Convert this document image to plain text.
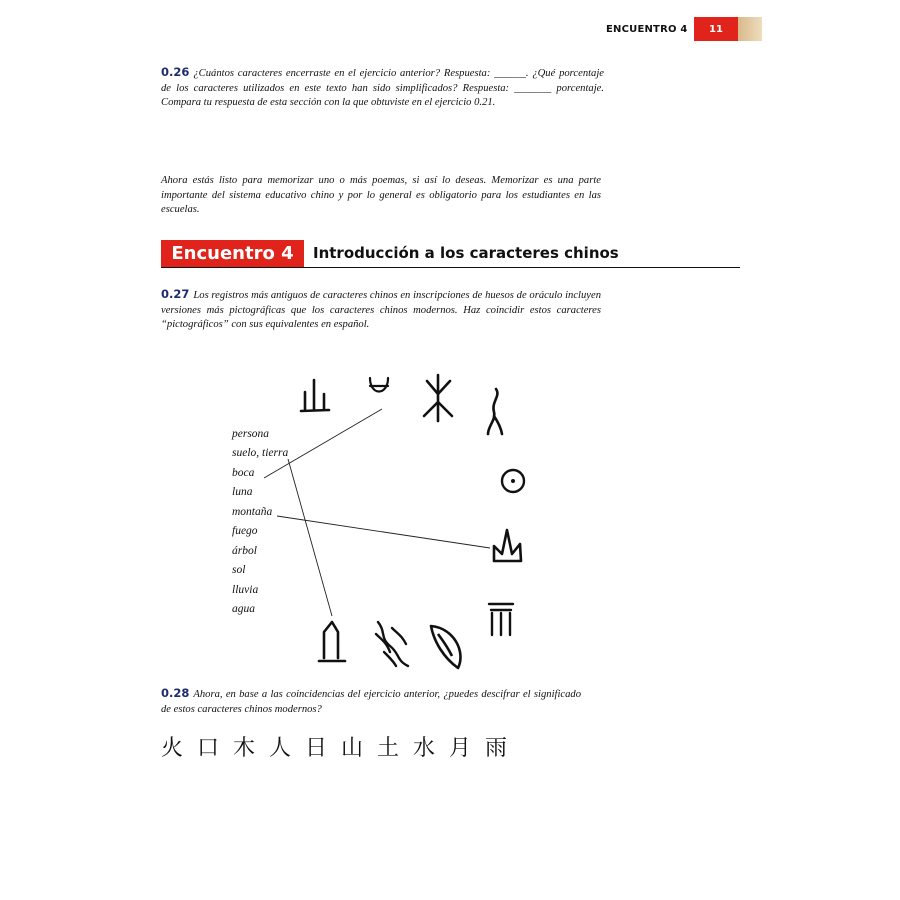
ENCUENTRO 4	11
0.26 ¿Cuántos caracteres encerraste en el ejercicio anterior? Respuesta: ______. ¿Qué porcentaje de los caracteres utilizados en este texto han sido simplificados? Respuesta: _______ porcentaje. Compara tu respuesta de esta sección con la que obtuviste en el ejercicio 0.21.
Ahora estás listo para memorizar uno o más poemas, si así lo deseas. Memorizar es una parte importante del sistema educativo chino y por lo general es obligatorio para los estudiantes en las escuelas.
Encuentro 4	Introducción a los caracteres chinos
0.27 Los registros más antiguos de caracteres chinos en inscripciones de huesos de oráculo incluyen versiones más pictográficas que los caracteres chinos modernos. Haz coincidir estos caracteres “pictográficos” con sus equivalentes en español.
persona
suelo, tierra
boca
luna
montaña
fuego
árbol
sol
lluvia
agua
0.28 Ahora, en base a las coincidencias del ejercicio anterior, ¿puedes descifrar el significado de estos caracteres chinos modernos?
火口木人日山土水月雨
